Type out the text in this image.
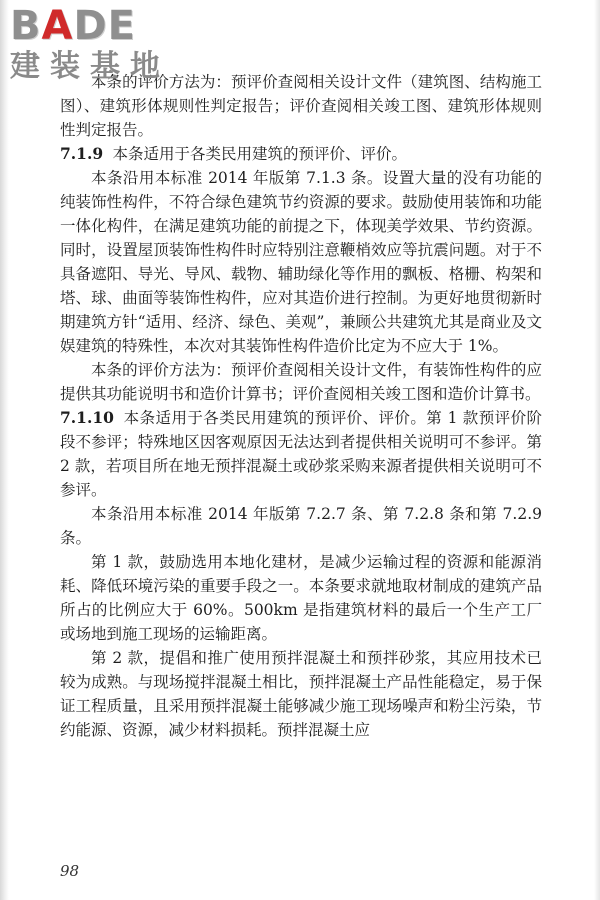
BADE
建装基地

本条的评价方法为：预评价查阅相关设计文件（建筑图、结构施工图）、建筑形体规则性判定报告；评价查阅相关竣工图、建筑形体规则性判定报告。

7.1.9 本条适用于各类民用建筑的预评价、评价。

本条沿用本标准 2014 年版第 7.1.3 条。设置大量的没有功能的纯装饰性构件，不符合绿色建筑节约资源的要求。鼓励使用装饰和功能一体化构件，在满足建筑功能的前提之下，体现美学效果、节约资源。同时，设置屋顶装饰性构件时应特别注意鞭梢效应等抗震问题。对于不具备遮阳、导光、导风、载物、辅助绿化等作用的飘板、格栅、构架和塔、球、曲面等装饰性构件，应对其造价进行控制。为更好地贯彻新时期建筑方针“适用、经济、绿色、美观”，兼顾公共建筑尤其是商业及文娱建筑的特殊性，本次对其装饰性构件造价比定为不应大于 1%。

本条的评价方法为：预评价查阅相关设计文件，有装饰性构件的应提供其功能说明书和造价计算书；评价查阅相关竣工图和造价计算书。

7.1.10 本条适用于各类民用建筑的预评价、评价。第 1 款预评价阶段不参评；特殊地区因客观原因无法达到者提供相关说明可不参评。第 2 款，若项目所在地无预拌混凝土或砂浆采购来源者提供相关说明可不参评。

本条沿用本标准 2014 年版第 7.2.7 条、第 7.2.8 条和第 7.2.9 条。

第 1 款，鼓励选用本地化建材，是减少运输过程的资源和能源消耗、降低环境污染的重要手段之一。本条要求就地取材制成的建筑产品所占的比例应大于 60%。500km 是指建筑材料的最后一个生产工厂或场地到施工现场的运输距离。

第 2 款，提倡和推广使用预拌混凝土和预拌砂浆，其应用技术已较为成熟。与现场搅拌混凝土相比，预拌混凝土产品性能稳定，易于保证工程质量，且采用预拌混凝土能够减少施工现场噪声和粉尘污染，节约能源、资源，减少材料损耗。预拌混凝土应

98
